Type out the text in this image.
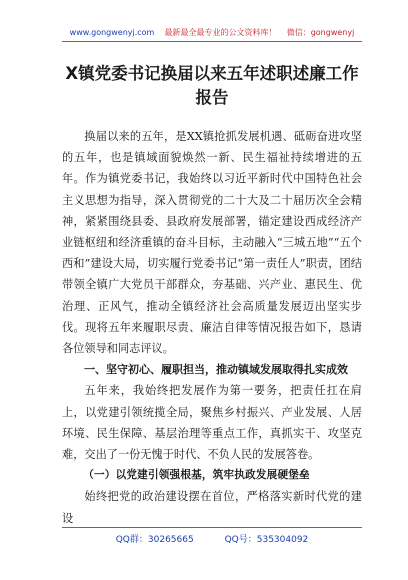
www.gongwenyj.com 最新最全最专业的公文资料库！ 微信：gongwenyj
X镇党委书记换届以来五年述职述廉工作报告

换届以来的五年，是XX镇抢抓发展机遇、砥砺奋进攻坚的五年，也是镇域面貌焕然一新、民生福祉持续增进的五年。作为镇党委书记，我始终以习近平新时代中国特色社会主义思想为指导，深入贯彻党的二十大及二十届历次全会精神，紧紧围绕县委、县政府发展部署，锚定建设西成经济产业链枢纽和经济重镇的奋斗目标，主动融入“三城五地”“五个西和”建设大局，切实履行党委书记“第一责任人”职责，团结带领全镇广大党员干部群众，夯基础、兴产业、惠民生、优治理、正风气，推动全镇经济社会高质量发展迈出坚实步伐。现将五年来履职尽责、廉洁自律等情况报告如下，恳请各位领导和同志评议。

一、坚守初心、履职担当，推动镇域发展取得扎实成效

五年来，我始终把发展作为第一要务，把责任扛在肩上，以党建引领统揽全局，聚焦乡村振兴、产业发展、人居环境、民生保障、基层治理等重点工作，真抓实干、攻坚克难，交出了一份无愧于时代、不负人民的发展答卷。

（一）以党建引领强根基，筑牢执政发展硬堡垒

始终把党的政治建设摆在首位，严格落实新时代党的建设

QQ群：30265665	QQ号：535304092
